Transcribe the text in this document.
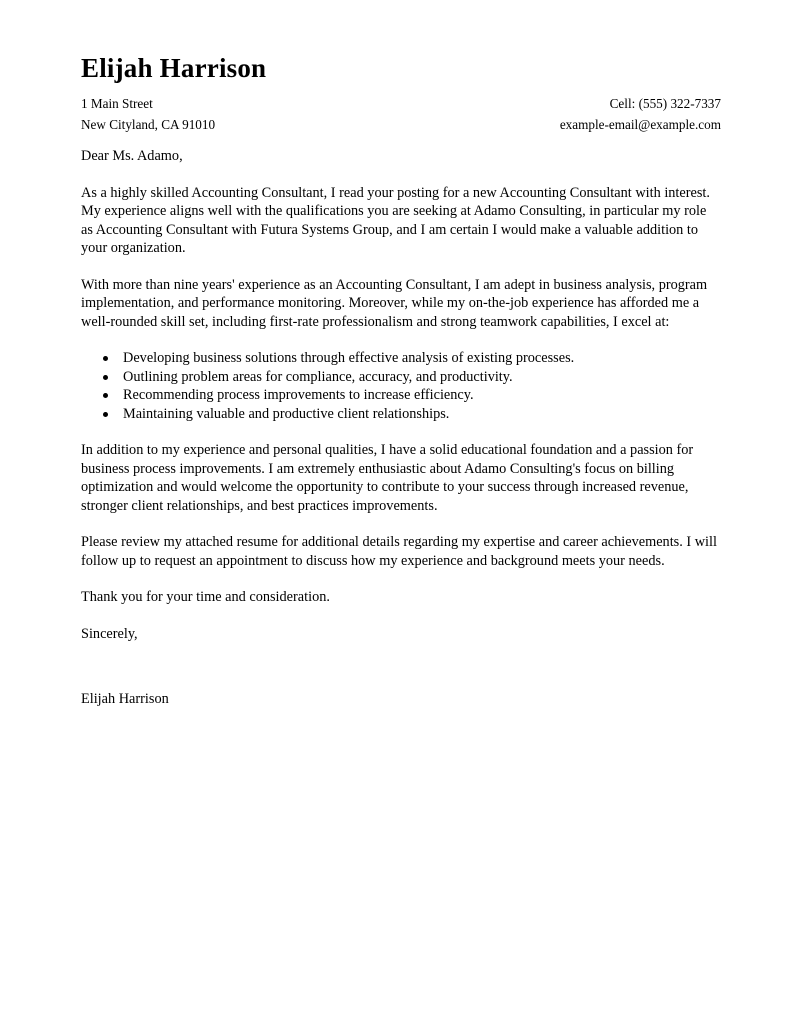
Elijah Harrison
1 Main Street	Cell: (555) 322-7337
New Cityland, CA 91010	example-email@example.com

Dear Ms. Adamo,

As a highly skilled Accounting Consultant, I read your posting for a new Accounting Consultant with interest. My experience aligns well with the qualifications you are seeking at Adamo Consulting, in particular my role as Accounting Consultant with Futura Systems Group, and I am certain I would make a valuable addition to your organization.

With more than nine years' experience as an Accounting Consultant, I am adept in business analysis, program implementation, and performance monitoring. Moreover, while my on-the-job experience has afforded me a well-rounded skill set, including first-rate professionalism and strong teamwork capabilities, I excel at:

Developing business solutions through effective analysis of existing processes.
Outlining problem areas for compliance, accuracy, and productivity.
Recommending process improvements to increase efficiency.
Maintaining valuable and productive client relationships.

In addition to my experience and personal qualities, I have a solid educational foundation and a passion for business process improvements. I am extremely enthusiastic about Adamo Consulting's focus on billing optimization and would welcome the opportunity to contribute to your success through increased revenue, stronger client relationships, and best practices improvements.

Please review my attached resume for additional details regarding my expertise and career achievements. I will follow up to request an appointment to discuss how my experience and background meets your needs.

Thank you for your time and consideration.

Sincerely,

Elijah Harrison
